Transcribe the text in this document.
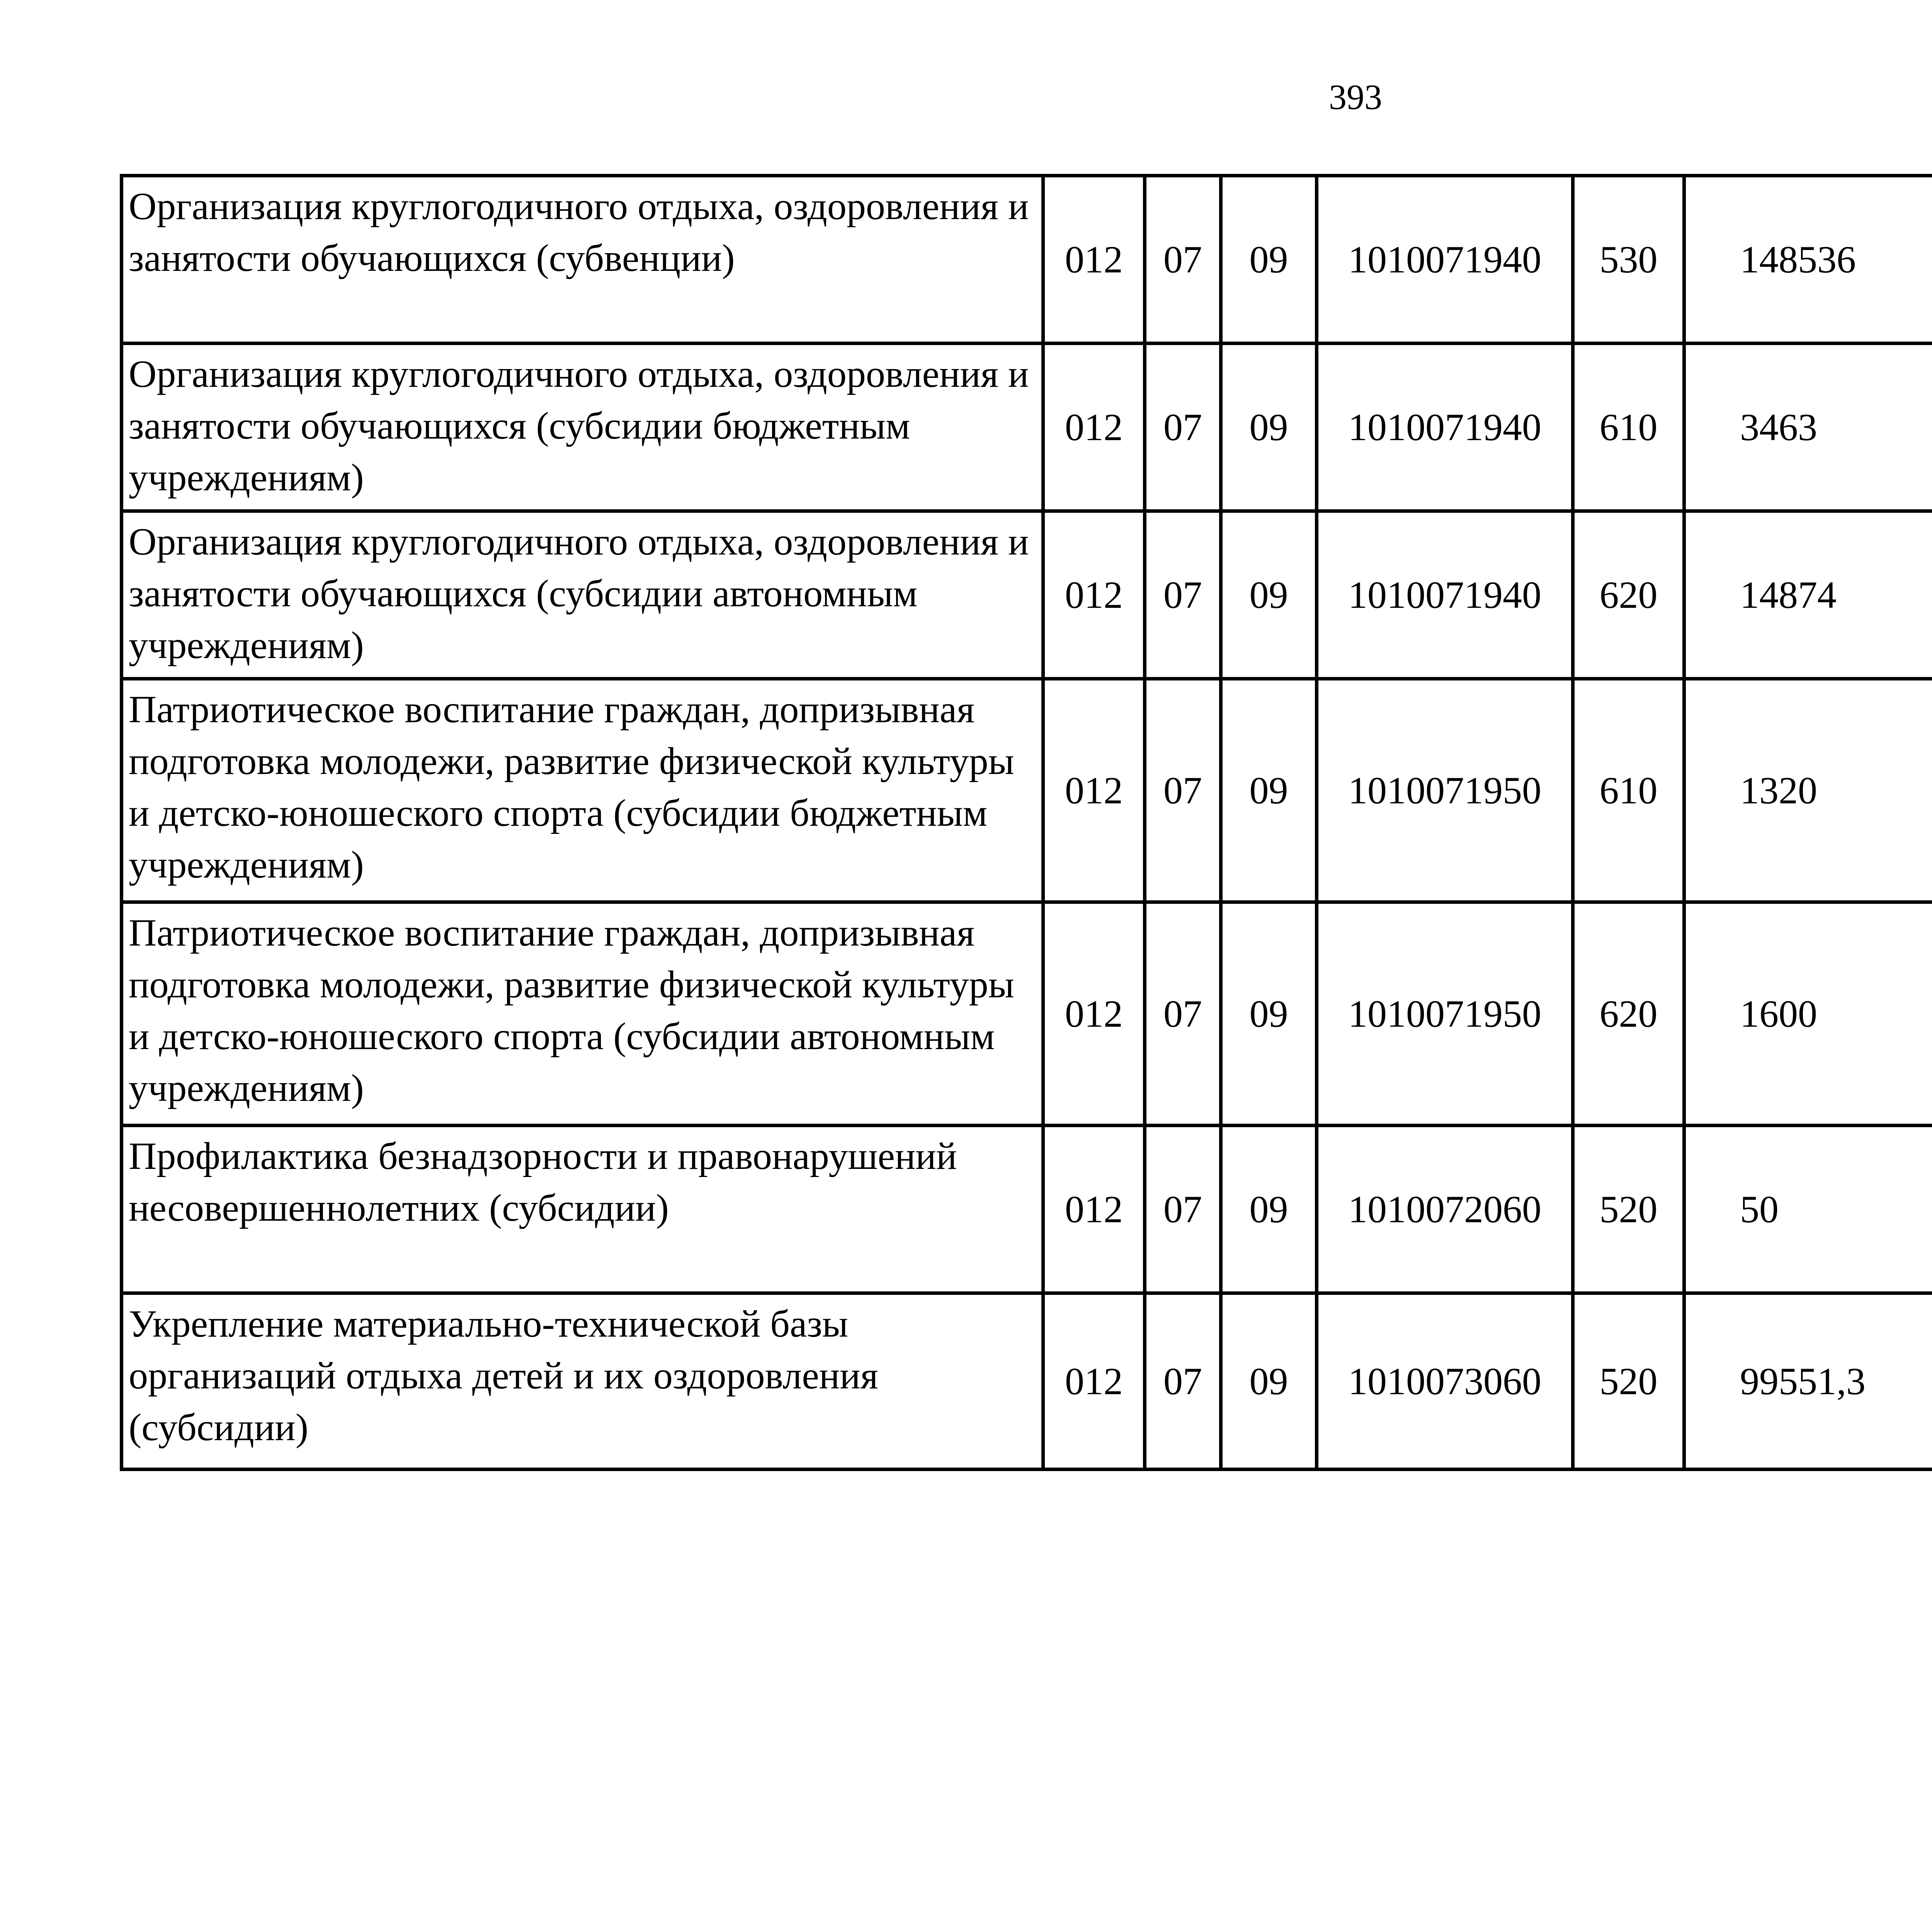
393
Организация круглогодичного отдыха, оздоровления и занятости обучающихся (субвенции)	012	07	09	1010071940	530	148536		
Организация круглогодичного отдыха, оздоровления и занятости обучающихся (субсидии бюджетным учреждениям)	012	07	09	1010071940	610	3463		
Организация круглогодичного отдыха, оздоровления и занятости обучающихся (субсидии автономным учреждениям)	012	07	09	1010071940	620	14874		
Патриотическое воспитание граждан, допризывная подготовка молодежи, развитие физической культуры и детско-юношеского спорта (субсидии бюджетным учреждениям)	012	07	09	1010071950	610	1320		
Патриотическое воспитание граждан, допризывная подготовка молодежи, развитие физической культуры и детско-юношеского спорта (субсидии автономным учреждениям)	012	07	09	1010071950	620	1600		
Профилактика безнадзорности и правонарушений несовершеннолетних (субсидии)	012	07	09	1010072060	520	50		
Укрепление материально-технической базы организаций отдыха детей и их оздоровления (субсидии)	012	07	09	1010073060	520	99551,3		
